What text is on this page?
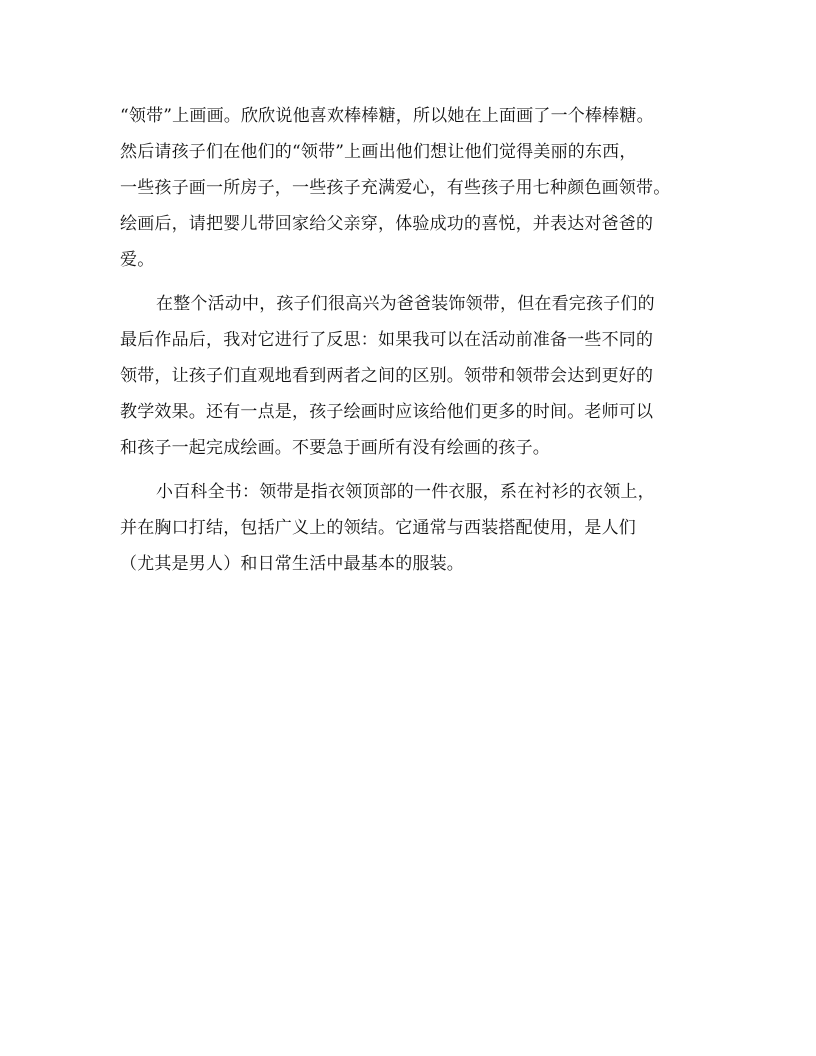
“领带”上画画。欣欣说他喜欢棒棒糖，所以她在上面画了一个棒棒糖。
然后请孩子们在他们的“领带”上画出他们想让他们觉得美丽的东西，
一些孩子画一所房子，一些孩子充满爱心，有些孩子用七种颜色画领带。
绘画后，请把婴儿带回家给父亲穿，体验成功的喜悦，并表达对爸爸的
爱。

在整个活动中，孩子们很高兴为爸爸装饰领带，但在看完孩子们的
最后作品后，我对它进行了反思：如果我可以在活动前准备一些不同的
领带，让孩子们直观地看到两者之间的区别。领带和领带会达到更好的
教学效果。还有一点是，孩子绘画时应该给他们更多的时间。老师可以
和孩子一起完成绘画。不要急于画所有没有绘画的孩子。

小百科全书：领带是指衣领顶部的一件衣服，系在衬衫的衣领上，
并在胸口打结，包括广义上的领结。它通常与西装搭配使用，是人们
（尤其是男人）和日常生活中最基本的服装。
